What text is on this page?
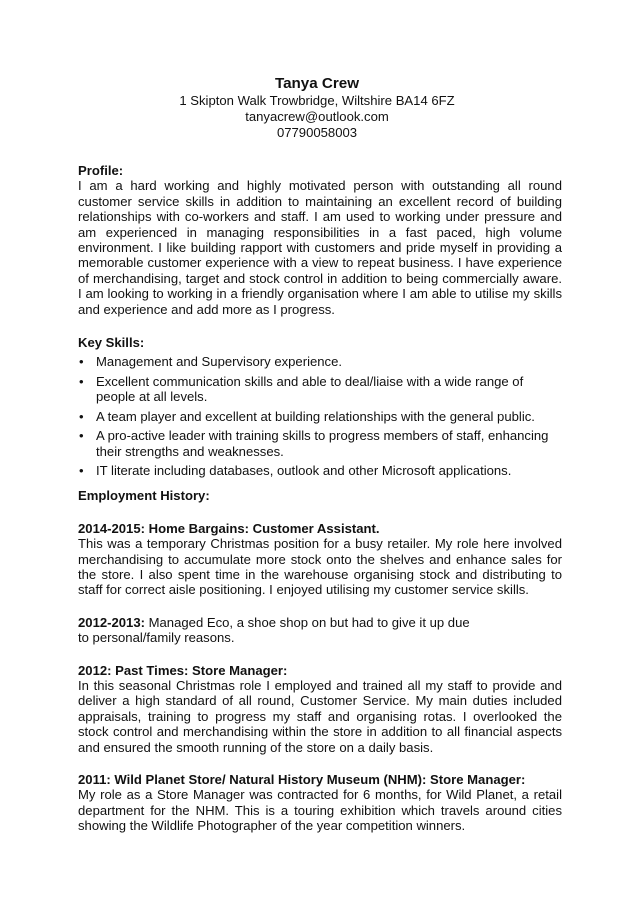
Tanya Crew
1 Skipton Walk Trowbridge, Wiltshire BA14 6FZ
tanyacrew@outlook.com
07790058003
Profile:
I am a hard working and highly motivated person with outstanding all round customer service skills in addition to maintaining an excellent record of building relationships with co-workers and staff. I am used to working under pressure and am experienced in managing responsibilities in a fast paced, high volume environment. I like building rapport with customers and pride myself in providing a memorable customer experience with a view to repeat business. I have experience of merchandising, target and stock control in addition to being commercially aware. I am looking to working in a friendly organisation where I am able to utilise my skills and experience and add more as I progress.
Key Skills:
• Management and Supervisory experience.
• Excellent communication skills and able to deal/liaise with a wide range of people at all levels.
• A team player and excellent at building relationships with the general public.
• A pro-active leader with training skills to progress members of staff, enhancing their strengths and weaknesses.
• IT literate including databases, outlook and other Microsoft applications.
Employment History:
2014-2015: Home Bargains: Customer Assistant.
This was a temporary Christmas position for a busy retailer. My role here involved merchandising to accumulate more stock onto the shelves and enhance sales for the store. I also spent time in the warehouse organising stock and distributing to staff for correct aisle positioning. I enjoyed utilising my customer service skills.
2012-2013: Managed Eco, a shoe shop on but had to give it up due to personal/family reasons.
2012: Past Times: Store Manager:
In this seasonal Christmas role I employed and trained all my staff to provide and deliver a high standard of all round, Customer Service. My main duties included appraisals, training to progress my staff and organising rotas. I overlooked the stock control and merchandising within the store in addition to all financial aspects and ensured the smooth running of the store on a daily basis.
2011: Wild Planet Store/ Natural History Museum (NHM): Store Manager:
My role as a Store Manager was contracted for 6 months, for Wild Planet, a retail department for the NHM. This is a touring exhibition which travels around cities showing the Wildlife Photographer of the year competition winners.
